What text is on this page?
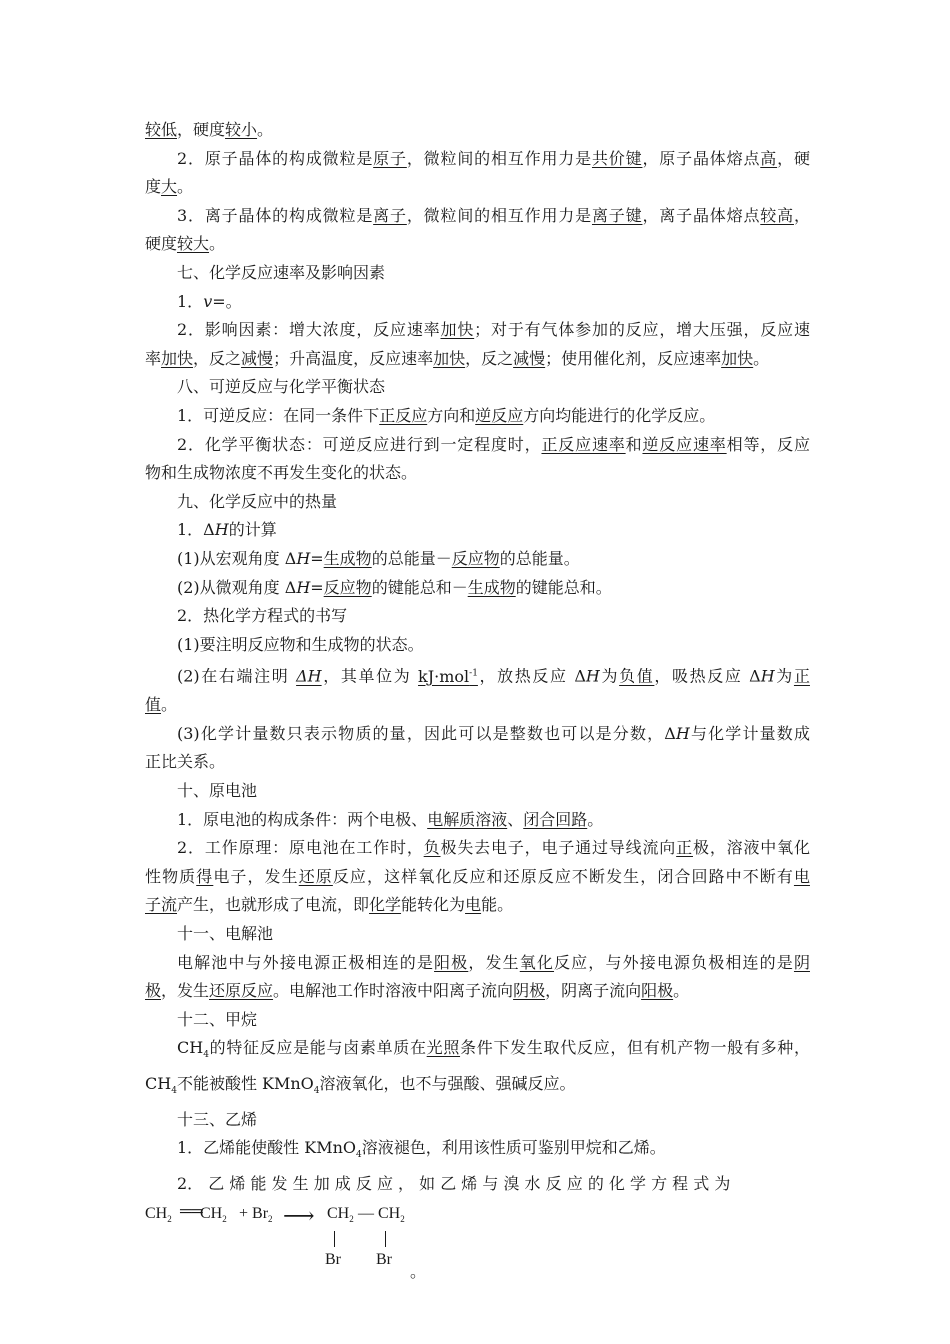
较低，硬度较小。
2．原子晶体的构成微粒是原子，微粒间的相互作用力是共价键，原子晶体熔点高，硬
度大。
3．离子晶体的构成微粒是离子，微粒间的相互作用力是离子键，离子晶体熔点较高，
硬度较大。
七、化学反应速率及影响因素
1．v=。
2．影响因素：增大浓度，反应速率加快；对于有气体参加的反应，增大压强，反应速
率加快，反之减慢；升高温度，反应速率加快，反之减慢；使用催化剂，反应速率加快。
八、可逆反应与化学平衡状态
1．可逆反应：在同一条件下正反应方向和逆反应方向均能进行的化学反应。
2．化学平衡状态：可逆反应进行到一定程度时，正反应速率和逆反应速率相等，反应
物和生成物浓度不再发生变化的状态。
九、化学反应中的热量
1．ΔH的计算
(1)从宏观角度 ΔH=生成物的总能量－反应物的总能量。
(2)从微观角度 ΔH=反应物的键能总和－生成物的键能总和。
2．热化学方程式的书写
(1)要注明反应物和生成物的状态。
(2)在右端注明 ΔH，其单位为 kJ·mol$^{-1}$，放热反应 ΔH为负值，吸热反应 ΔH为正
值。
(3)化学计量数只表示物质的量，因此可以是整数也可以是分数，ΔH与化学计量数成
正比关系。
十、原电池
1．原电池的构成条件：两个电极、电解质溶液、闭合回路。
2．工作原理：原电池在工作时，负极失去电子，电子通过导线流向正极，溶液中氧化
性物质得电子，发生还原反应，这样氧化反应和还原反应不断发生，闭合回路中不断有电
子流产生，也就形成了电流，即化学能转化为电能。
十一、电解池
电解池中与外接电源正极相连的是阳极，发生氧化反应，与外接电源负极相连的是阴
极，发生还原反应。电解池工作时溶液中阳离子流向阴极，阴离子流向阳极。
十二、甲烷
$CH_4$的特征反应是能与卤素单质在光照条件下发生取代反应，但有机产物一般有多种，
$CH_4$不能被酸性 KMnO$_4$溶液氧化，也不与强酸、强碱反应。
十三、乙烯
1．乙烯能使酸性 KMnO$_4$溶液褪色，利用该性质可鉴别甲烷和乙烯。
2． 乙 烯 能 发 生 加 成 反 应 ， 如 乙 烯 与 溴 水 反 应 的 化 学 方 程 式 为
$CH_2$ ══
$CH_2 + Br_2$ ⟶ $CH_2$ — $CH_2$
Br Br
。
